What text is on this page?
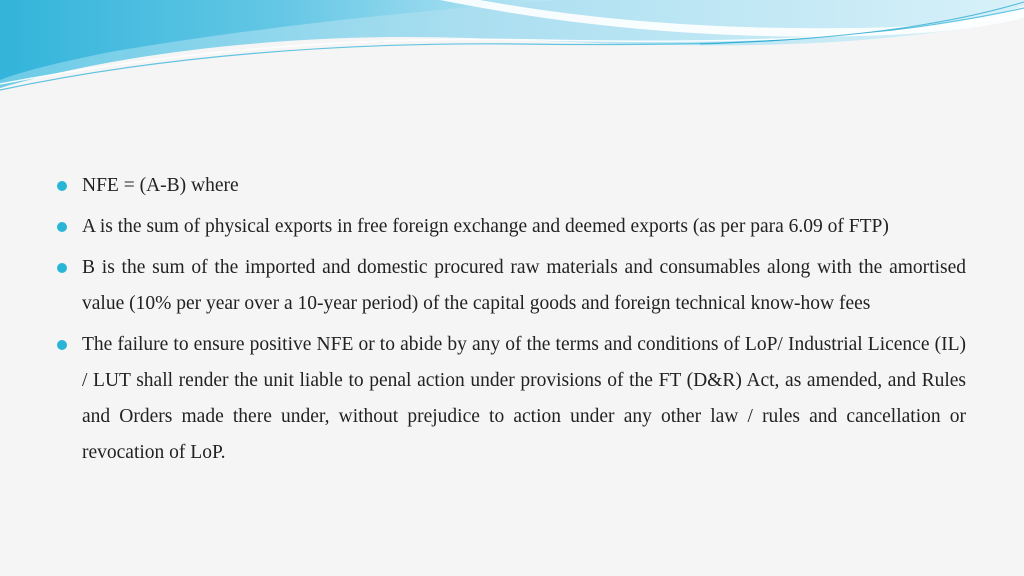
NFE = (A-B) where
A is the sum of physical exports in free foreign exchange and deemed exports (as per para 6.09 of FTP)
B is the sum of the imported and domestic procured raw materials and consumables along with the amortised value (10% per year over a 10-year period) of the capital goods and foreign technical know-how fees
The failure to ensure positive NFE or to abide by any of the terms and conditions of LoP/ Industrial Licence (IL) / LUT shall render the unit liable to penal action under provisions of the FT (D&R) Act, as amended, and Rules and Orders made there under, without prejudice to action under any other law / rules and cancellation or revocation of LoP.
